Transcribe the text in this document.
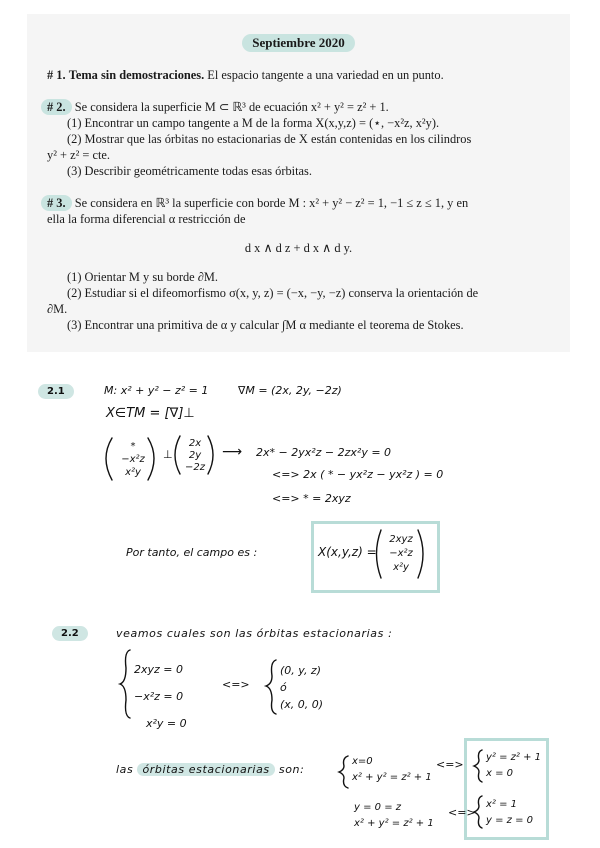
Septiembre 2020
# 1. Tema sin demostraciones. El espacio tangente a una variedad en un punto.
# 2. Se considera la superficie M ⊂ ℝ³ de ecuación x² + y² = z² + 1.
(1) Encontrar un campo tangente a M de la forma X(x,y,z) = (⋆, −x²z, x²y).
(2) Mostrar que las órbitas no estacionarias de X están contenidas en los cilindros
y² + z² = cte.
(3) Describir geométricamente todas esas órbitas.
# 3. Se considera en ℝ³ la superficie con borde M : x² + y² − z² = 1, −1 ≤ z ≤ 1, y en
ella la forma diferencial α restricción de
d x ∧ d z + d x ∧ d y.
(1) Orientar M y su borde ∂M.
(2) Estudiar si el difeomorfismo σ(x, y, z) = (−x, −y, −z) conserva la orientación de
∂M.
(3) Encontrar una primitiva de α y calcular ∫M α mediante el teorema de Stokes.
2.1	M: x² + y² − z² = 1	∇M = (2x, 2y, −2z)
X∈TM = [∇]⊥
*
−x²z
x²y
⊥
2x
2y
−2z
⟶ 2x* − 2yx²z − 2zx²y = 0
<=> 2x ( * − yx²z − yx²z ) = 0
<=> * = 2xyz
Por tanto, el campo es :	X(x,y,z) =
2xyz
−x²z
x²y
2.2	veamos cuales son las órbitas estacionarias :
2xyz = 0
−x²z = 0
x²y = 0
<=>
(0, y, z)
ó
(x, 0, 0)
las órbitas estacionarias son:
x=0
x² + y² = z² + 1
<=>
y² = z² + 1
x = 0
y = 0 = z
x² + y² = z² + 1
<=>
x² = 1
y = z = 0
